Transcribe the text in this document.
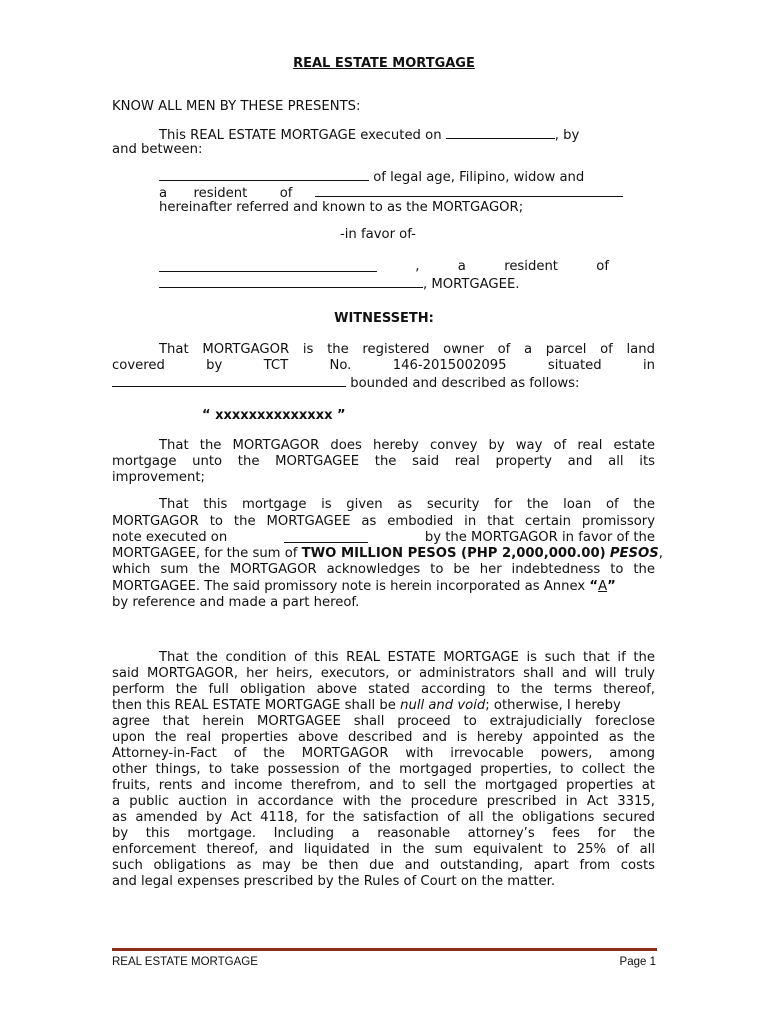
REAL ESTATE MORTGAGE
KNOW ALL MEN BY THESE PRESENTS:
This REAL ESTATE MORTGAGE executed on	, by
and between:
of legal age, Filipino, widow and
a resident of
hereinafter referred and known to as the MORTGAGOR;
-in favor of-
,	a	resident	of
, MORTGAGEE.
WITNESSETH:
That MORTGAGOR is the registered owner of a parcel of land
covered	by	TCT	No.	146-2015002095	situated	in
bounded and described as follows:
“ xxxxxxxxxxxxxx ”
That the MORTGAGOR does hereby convey by way of real estate
mortgage unto the MORTGAGEE the said real property and all its
improvement;
That this mortgage is given as security for the loan of the
MORTGAGOR to the MORTGAGEE as embodied in that certain promissory
note executed on	by the MORTGAGOR in favor of the
MORTGAGEE, for the sum of TWO MILLION PESOS (PHP 2,000,000.00) PESOS,
which sum the MORTGAGOR acknowledges to be her indebtedness to the
MORTGAGEE. The said promissory note is herein incorporated as Annex “A”
by reference and made a part hereof.
That the condition of this REAL ESTATE MORTGAGE is such that if the
said MORTGAGOR, her heirs, executors, or administrators shall and will truly
perform the full obligation above stated according to the terms thereof,
then this REAL ESTATE MORTGAGE shall be null and void; otherwise, I hereby
agree that herein MORTGAGEE shall proceed to extrajudicially foreclose
upon the real properties above described and is hereby appointed as the
Attorney-in-Fact of the MORTGAGOR with irrevocable powers, among
other things, to take possession of the mortgaged properties, to collect the
fruits, rents and income therefrom, and to sell the mortgaged properties at
a public auction in accordance with the procedure prescribed in Act 3315,
as amended by Act 4118, for the satisfaction of all the obligations secured
by this mortgage. Including a reasonable attorney’s fees for the
enforcement thereof, and liquidated in the sum equivalent to 25% of all
such obligations as may be then due and outstanding, apart from costs
and legal expenses prescribed by the Rules of Court on the matter.
REAL ESTATE MORTGAGE	Page 1
